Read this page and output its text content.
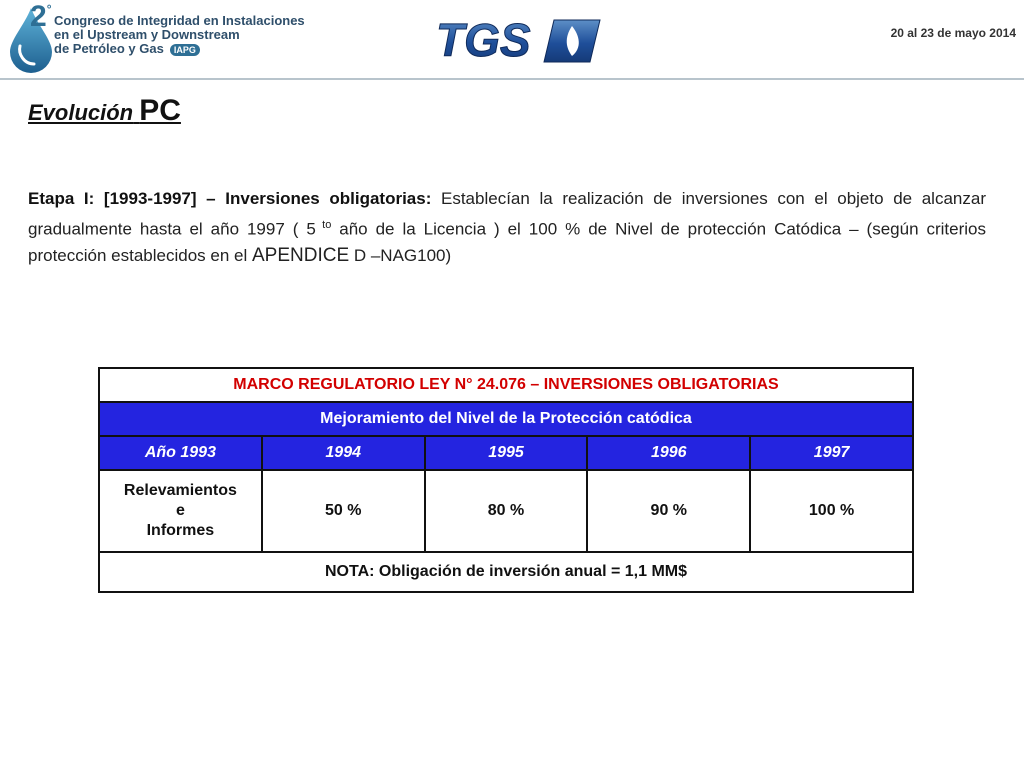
2°
Congreso de Integridad en Instalaciones
en el Upstream y Downstream
de Petróleo y Gas IAPG	TGS	20 al 23 de mayo 2014
Evolución PC
Etapa I: [1993-1997] – Inversiones obligatorias: Establecían la realización de inversiones con el objeto de alcanzar gradualmente hasta el año 1997 ( 5 $^{to}$ año de la Licencia ) el 100 % de Nivel de protección Catódica – (según criterios protección establecidos en el APENDICE D –NAG100)
MARCO REGULATORIO LEY N° 24.076 – INVERSIONES OBLIGATORIAS				
Mejoramiento del Nivel de la Protección catódica				
Año 1993	1994	1995	1996	1997

Relevamientos
e
Informes	50 %	80 %	90 %	100 %
NOTA: Obligación de inversión anual = 1,1 MM$				
